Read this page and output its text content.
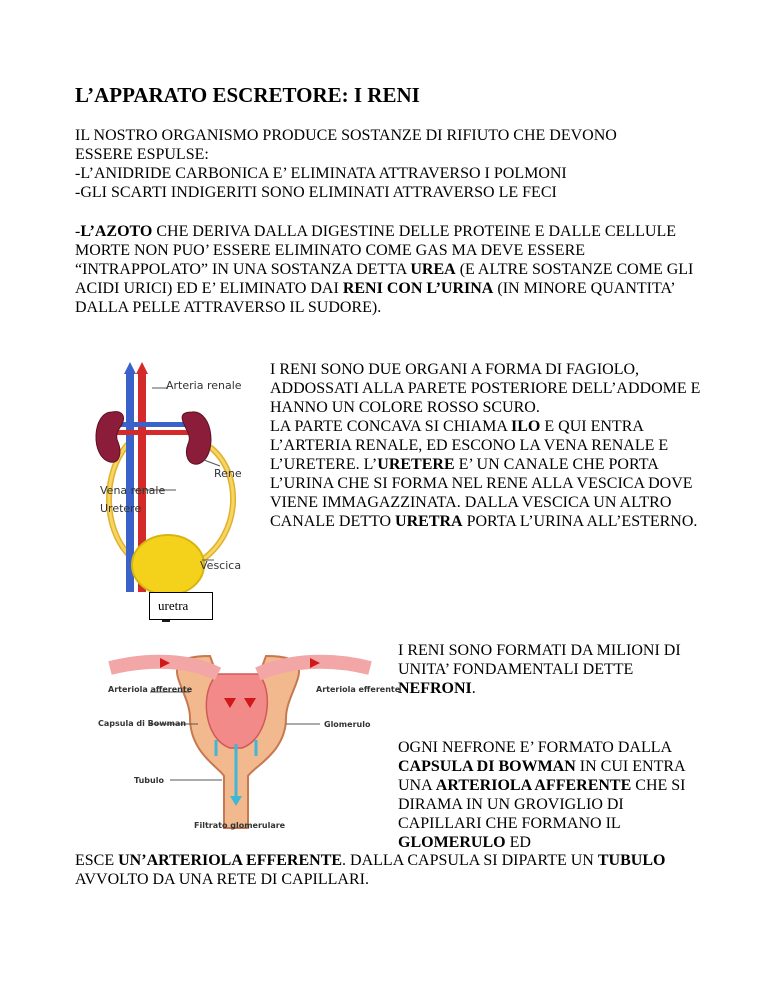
L’APPARATO ESCRETORE: I RENI

IL NOSTRO ORGANISMO PRODUCE SOSTANZE DI RIFIUTO CHE DEVONO
ESSERE ESPULSE:
-L’ANIDRIDE CARBONICA E’ ELIMINATA ATTRAVERSO I POLMONI
-GLI SCARTI INDIGERITI SONO ELIMINATI ATTRAVERSO LE FECI

-L’AZOTO CHE DERIVA DALLA DIGESTINE DELLE PROTEINE E DALLE CELLULE MORTE NON PUO’ ESSERE ELIMINATO COME GAS MA DEVE ESSERE “INTRAPPOLATO” IN UNA SOSTANZA DETTA UREA (E ALTRE SOSTANZE COME GLI ACIDI URICI) ED E’ ELIMINATO DAI RENI CON L’URINA (IN MINORE QUANTITA’ DALLA PELLE ATTRAVERSO IL SUDORE).

Arteria renale
Rene
Vena renale
Uretere
Vescica
uretra

I RENI SONO DUE ORGANI A FORMA DI FAGIOLO, ADDOSSATI ALLA PARETE POSTERIORE DELL’ADDOME E HANNO UN COLORE ROSSO SCURO.
LA PARTE CONCAVA SI CHIAMA ILO E QUI ENTRA L’ARTERIA RENALE, ED ESCONO LA VENA RENALE E L’URETERE. L’URETERE E’ UN CANALE CHE PORTA L’URINA CHE SI FORMA NEL RENE ALLA VESCICA DOVE VIENE IMMAGAZZINATA. DALLA VESCICA UN ALTRO CANALE DETTO URETRA PORTA L’URINA ALL’ESTERNO.

Arteriola afferente	Arteriola efferente
Capsula di Bowman	Glomerulo
Tubulo
Filtrato glomerulare

I RENI SONO FORMATI DA MILIONI DI UNITA’ FONDAMENTALI DETTE NEFRONI.

OGNI NEFRONE E’ FORMATO DALLA CAPSULA DI BOWMAN IN CUI ENTRA UNA ARTERIOLA AFFERENTE CHE SI DIRAMA IN UN GROVIGLIO DI CAPILLARI CHE FORMANO IL GLOMERULO ED

ESCE UN’ARTERIOLA EFFERENTE. DALLA CAPSULA SI DIPARTE UN TUBULO AVVOLTO DA UNA RETE DI CAPILLARI.
